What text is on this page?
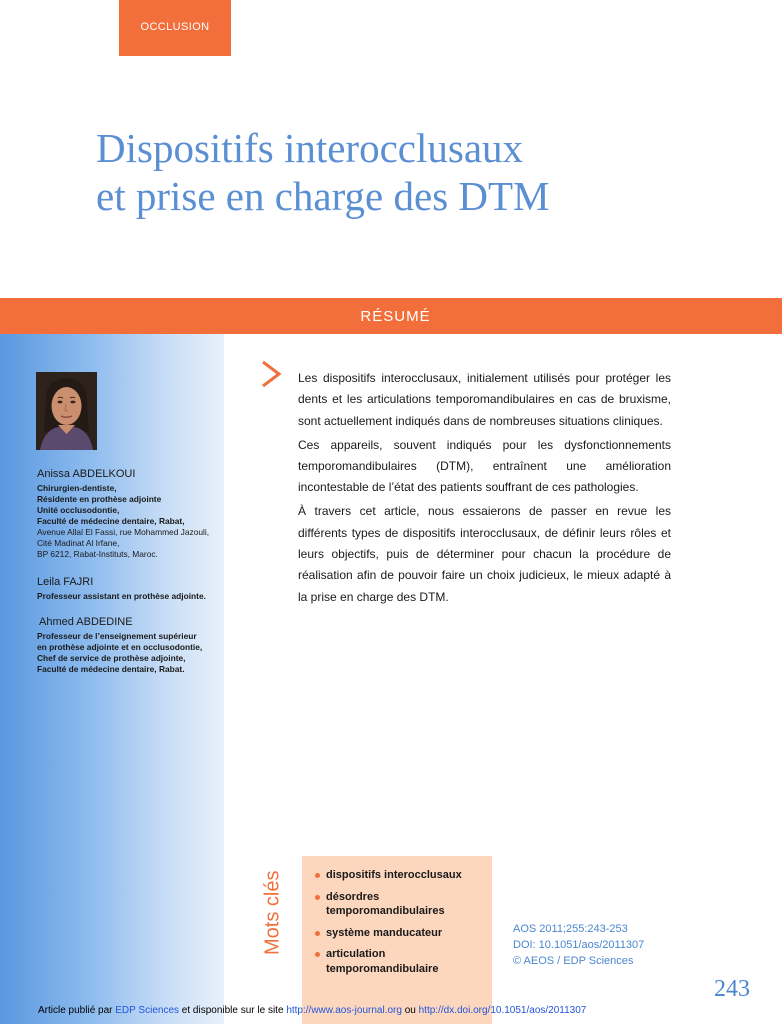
OCCLUSION
Dispositifs interocclusaux
et prise en charge des DTM
RÉSUMÉ
Anissa ABDELKOUI
Chirurgien-dentiste,
Résidente en prothèse adjointe
Unité occlusodontie,
Faculté de médecine dentaire, Rabat,
Avenue Allal El Fassi, rue Mohammed Jazouli,
Cité Madinat Al Irfane,
BP 6212, Rabat-Instituts, Maroc.
Leila FAJRI
Professeur assistant en prothèse adjointe.
Ahmed ABDEDINE
Professeur de l’enseignement supérieur
en prothèse adjointe et en occlusodontie,
Chef de service de prothèse adjointe,
Faculté de médecine dentaire, Rabat.

Les dispositifs interocclusaux, initialement utilisés pour protéger les dents et les articulations temporomandibulaires en cas de bruxisme, sont actuellement indiqués dans de nombreuses situations cliniques.

Ces appareils, souvent indiqués pour les dysfonctionnements temporomandibulaires (DTM), entraînent une amélioration incontestable de l’état des patients souffrant de ces pathologies.

À travers cet article, nous essaierons de passer en revue les différents types de dispositifs interocclusaux, de définir leurs rôles et leurs objectifs, puis de déterminer pour chacun la procédure de réalisation afin de pouvoir faire un choix judicieux, le mieux adapté à la prise en charge des DTM.

Mots clés	dispositifs interocclusaux
désordres temporomandibulaires
système manducateur
articulation temporomandibulaire
AOS 2011;255:243-253
DOI: 10.1051/aos/2011307
© AEOS / EDP Sciences
243
Article publié par EDP Sciences et disponible sur le site http://www.aos-journal.org ou http://dx.doi.org/10.1051/aos/2011307
